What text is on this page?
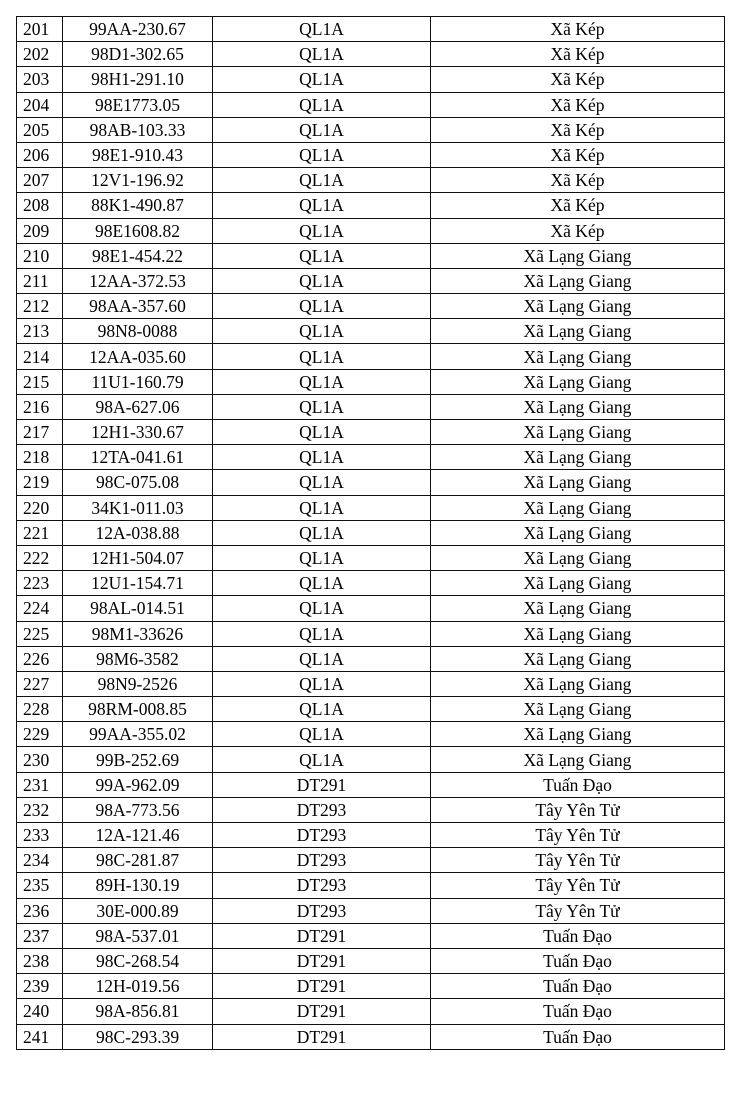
201	99AA-230.67	QL1A	Xã Kép
202	98D1-302.65	QL1A	Xã Kép
203	98H1-291.10	QL1A	Xã Kép
204	98E1773.05	QL1A	Xã Kép
205	98AB-103.33	QL1A	Xã Kép
206	98E1-910.43	QL1A	Xã Kép
207	12V1-196.92	QL1A	Xã Kép
208	88K1-490.87	QL1A	Xã Kép
209	98E1608.82	QL1A	Xã Kép
210	98E1-454.22	QL1A	Xã Lạng Giang
211	12AA-372.53	QL1A	Xã Lạng Giang
212	98AA-357.60	QL1A	Xã Lạng Giang
213	98N8-0088	QL1A	Xã Lạng Giang
214	12AA-035.60	QL1A	Xã Lạng Giang
215	11U1-160.79	QL1A	Xã Lạng Giang
216	98A-627.06	QL1A	Xã Lạng Giang
217	12H1-330.67	QL1A	Xã Lạng Giang
218	12TA-041.61	QL1A	Xã Lạng Giang
219	98C-075.08	QL1A	Xã Lạng Giang
220	34K1-011.03	QL1A	Xã Lạng Giang
221	12A-038.88	QL1A	Xã Lạng Giang
222	12H1-504.07	QL1A	Xã Lạng Giang
223	12U1-154.71	QL1A	Xã Lạng Giang
224	98AL-014.51	QL1A	Xã Lạng Giang
225	98M1-33626	QL1A	Xã Lạng Giang
226	98M6-3582	QL1A	Xã Lạng Giang
227	98N9-2526	QL1A	Xã Lạng Giang
228	98RM-008.85	QL1A	Xã Lạng Giang
229	99AA-355.02	QL1A	Xã Lạng Giang
230	99B-252.69	QL1A	Xã Lạng Giang
231	99A-962.09	DT291	Tuấn Đạo
232	98A-773.56	DT293	Tây Yên Tử
233	12A-121.46	DT293	Tây Yên Tử
234	98C-281.87	DT293	Tây Yên Tử
235	89H-130.19	DT293	Tây Yên Tử
236	30E-000.89	DT293	Tây Yên Tử
237	98A-537.01	DT291	Tuấn Đạo
238	98C-268.54	DT291	Tuấn Đạo
239	12H-019.56	DT291	Tuấn Đạo
240	98A-856.81	DT291	Tuấn Đạo
241	98C-293.39	DT291	Tuấn Đạo
